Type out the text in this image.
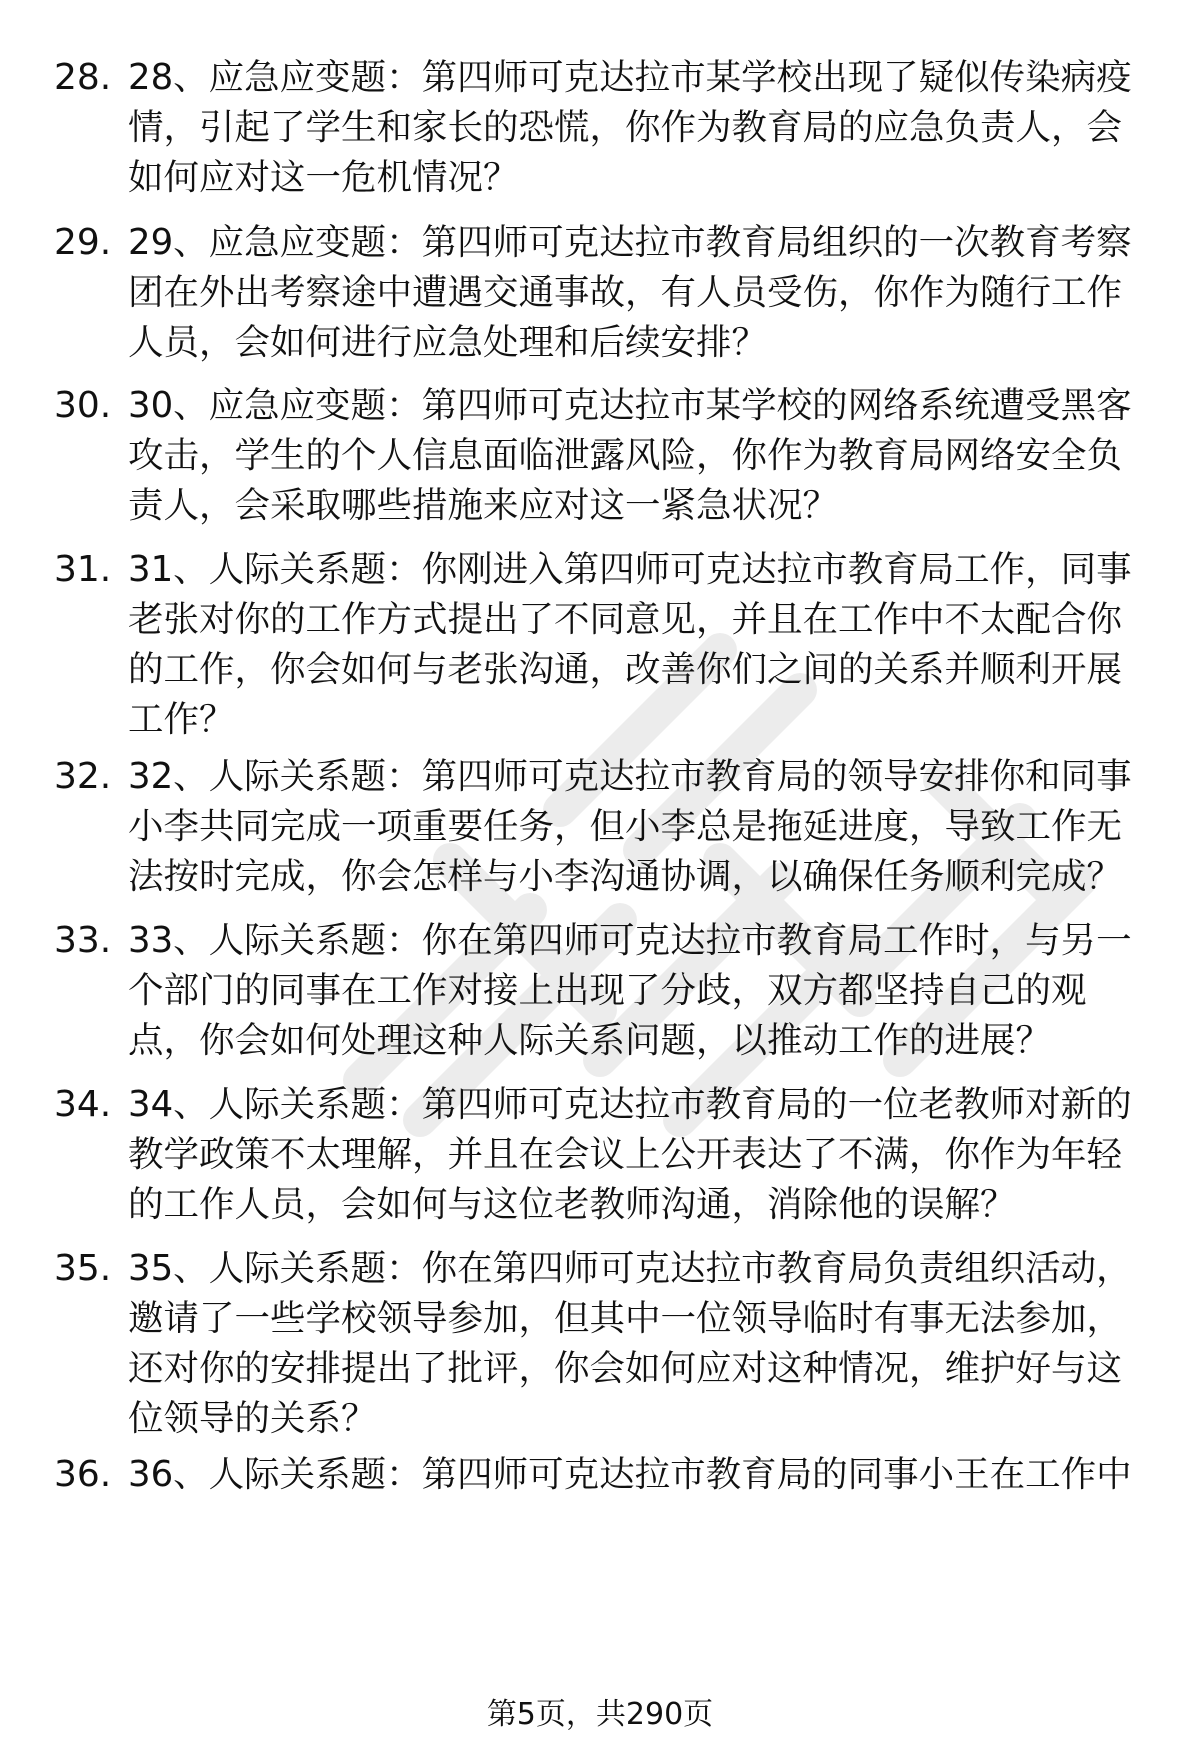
28. 28、应急应变题：第四师可克达拉市某学校出现了疑似传染病疫情，引起了学生和家长的恐慌，你作为教育局的应急负责人，会如何应对这一危机情况？
29. 29、应急应变题：第四师可克达拉市教育局组织的一次教育考察团在外出考察途中遭遇交通事故，有人员受伤，你作为随行工作人员，会如何进行应急处理和后续安排？
30. 30、应急应变题：第四师可克达拉市某学校的网络系统遭受黑客攻击，学生的个人信息面临泄露风险，你作为教育局网络安全负责人，会采取哪些措施来应对这一紧急状况？
31. 31、人际关系题：你刚进入第四师可克达拉市教育局工作，同事老张对你的工作方式提出了不同意见，并且在工作中不太配合你的工作，你会如何与老张沟通，改善你们之间的关系并顺利开展工作？
32. 32、人际关系题：第四师可克达拉市教育局的领导安排你和同事小李共同完成一项重要任务，但小李总是拖延进度，导致工作无法按时完成，你会怎样与小李沟通协调，以确保任务顺利完成？
33. 33、人际关系题：你在第四师可克达拉市教育局工作时，与另一个部门的同事在工作对接上出现了分歧，双方都坚持自己的观点，你会如何处理这种人际关系问题，以推动工作的进展？
34. 34、人际关系题：第四师可克达拉市教育局的一位老教师对新的教学政策不太理解，并且在会议上公开表达了不满，你作为年轻的工作人员，会如何与这位老教师沟通，消除他的误解？
35. 35、人际关系题：你在第四师可克达拉市教育局负责组织活动，邀请了一些学校领导参加，但其中一位领导临时有事无法参加，还对你的安排提出了批评，你会如何应对这种情况，维护好与这位领导的关系？
36. 36、人际关系题：第四师可克达拉市教育局的同事小王在工作中
第5页，共290页
